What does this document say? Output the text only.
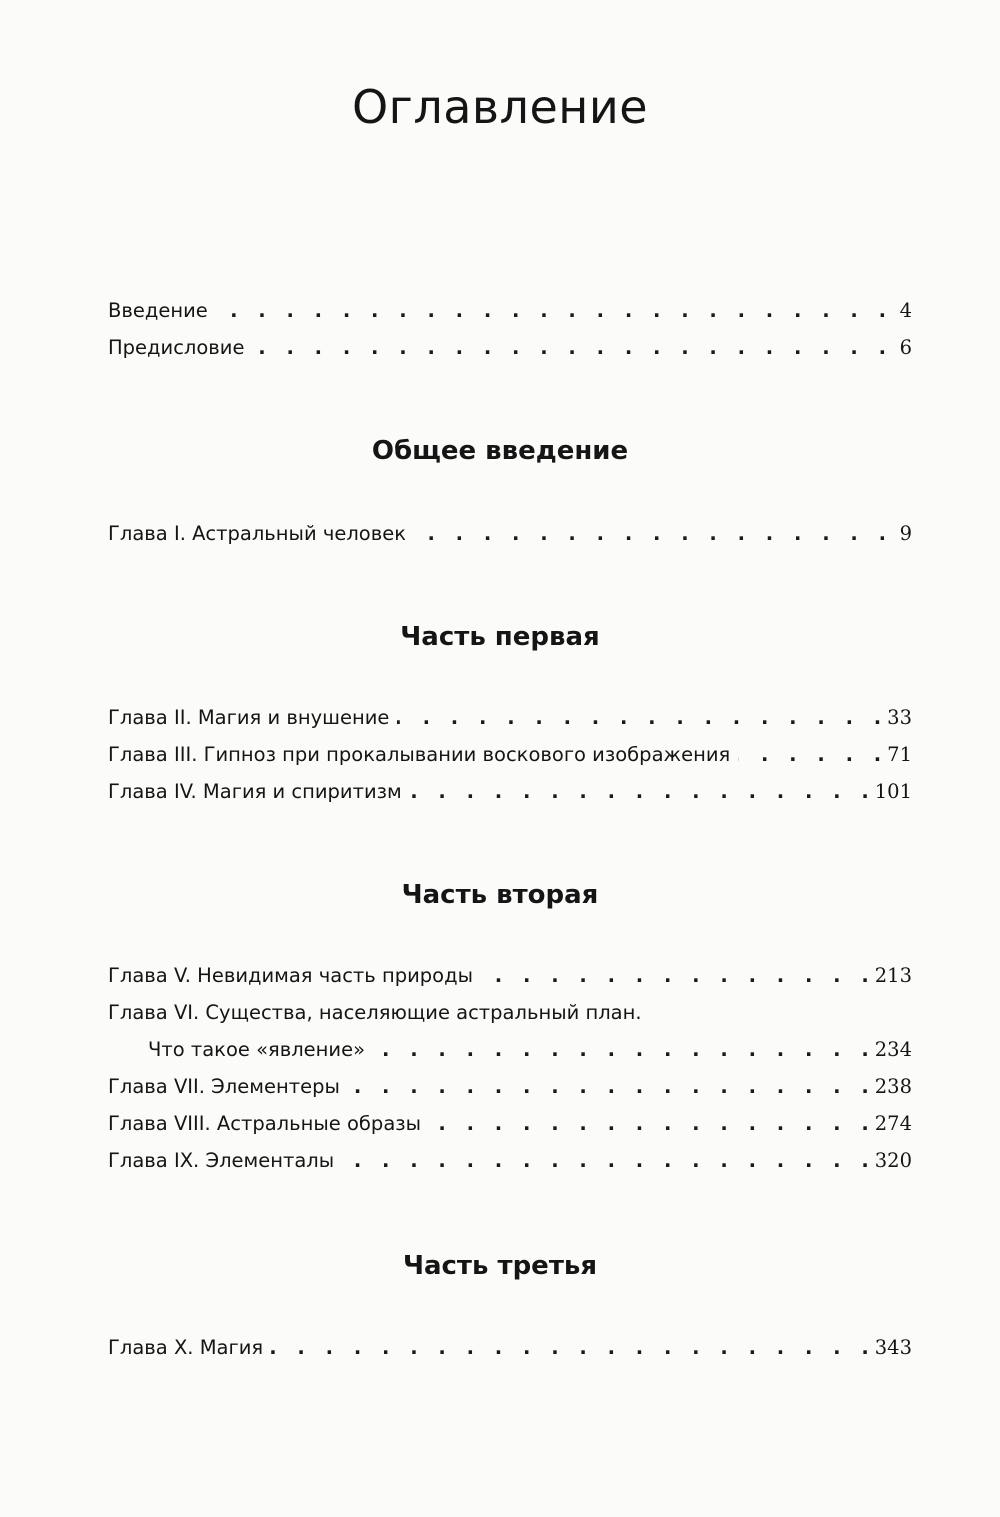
Оглавление
Введение . . .	4
Предисловие . . .	6
Общее введение
Глава I. Астральный человек . . .	9
Часть первая
Глава II. Магия и внушение . . .	33
Глава III. Гипноз при прокалывании воскового изображения . . .	71
Глава IV. Магия и спиритизм . . .	101
Часть вторая
Глава V. Невидимая часть природы . . .	213
Глава VI. Существа, населяющие астральный план.
Что такое «явление» . . .	234
Глава VII. Элементеры . . .	238
Глава VIII. Астральные образы . . .	274
Глава IX. Элементалы . . .	320
Часть третья
Глава X. Магия . . .	343
